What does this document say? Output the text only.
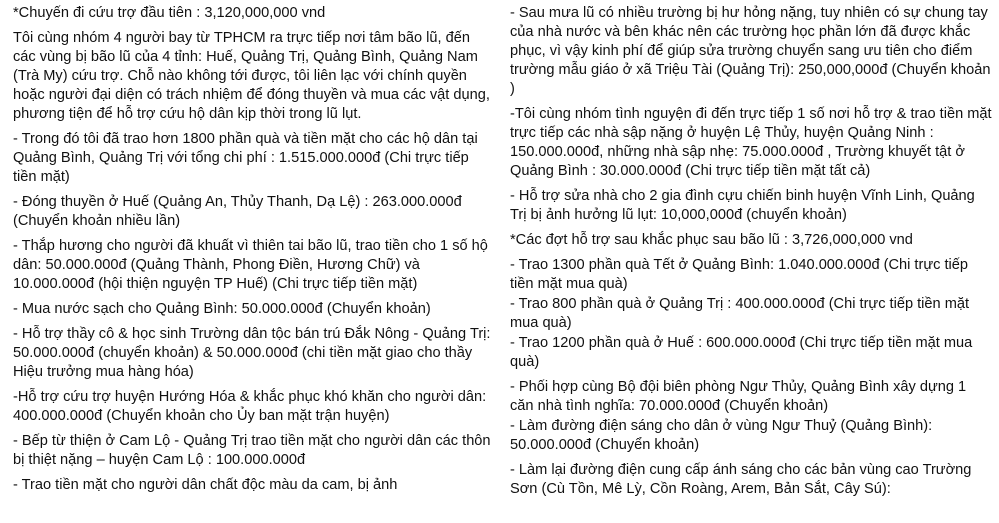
*Chuyến đi cứu trợ đầu tiên : 3,120,000,000 vnd

Tôi cùng nhóm 4 người bay từ TPHCM ra trực tiếp nơi tâm bão lũ, đến các vùng bị bão lũ của 4 tỉnh: Huế, Quảng Trị, Quảng Bình, Quảng Nam (Trà My) cứu trợ. Chỗ nào không tới được, tôi liên lạc với chính quyền hoặc người đại diện có trách nhiệm để đóng thuyền và mua các vật dụng, phương tiện để hỗ trợ cứu hộ dân kịp thời trong lũ lụt.

- Trong đó tôi đã trao hơn 1800 phần quà và tiền mặt cho các hộ dân tại Quảng Bình, Quảng Trị với tổng chi phí : 1.515.000.000đ (Chi trực tiếp tiền mặt)

- Đóng thuyền ở Huế (Quảng An, Thủy Thanh, Dạ Lệ) : 263.000.000đ (Chuyển khoản nhiều lần)

- Thắp hương cho người đã khuất vì thiên tai bão lũ, trao tiền cho 1 số hộ dân: 50.000.000đ (Quảng Thành, Phong Điền, Hương Chữ) và 10.000.000đ (hội thiện nguyện TP Huế) (Chi trực tiếp tiền mặt)

- Mua nước sạch cho Quảng Bình: 50.000.000đ (Chuyển khoản)

- Hỗ trợ thầy cô & học sinh Trường dân tộc bán trú Đắk Nông - Quảng Trị: 50.000.000đ (chuyển khoản) & 50.000.000đ (chi tiền mặt giao cho thầy Hiệu trưởng mua hàng hóa)

-Hỗ trợ cứu trợ huyện Hướng Hóa & khắc phục khó khăn cho người dân: 400.000.000đ (Chuyển khoản cho Ủy ban mặt trận huyện)

- Bếp từ thiện ở Cam Lộ - Quảng Trị trao tiền mặt cho người dân các thôn bị thiệt nặng – huyện Cam Lộ : 100.000.000đ

- Trao tiền mặt cho người dân chất độc màu da cam, bị ảnh

- Sau mưa lũ có nhiều trường bị hư hỏng nặng, tuy nhiên có sự chung tay của nhà nước và bên khác nên các trường học phần lớn đã được khắc phục, vì vậy kinh phí để giúp sửa trường chuyển sang ưu tiên cho điểm trường mẫu giáo ở xã Triệu Tài (Quảng Trị): 250,000,000đ (Chuyển khoản )

-Tôi cùng nhóm tình nguyện đi đến trực tiếp 1 số nơi hỗ trợ & trao tiền mặt trực tiếp các nhà sập nặng ở huyện Lệ Thủy, huyện Quảng Ninh : 150.000.000đ, những nhà sập nhẹ: 75.000.000đ , Trường khuyết tật ở Quảng Bình : 30.000.000đ (Chi trực tiếp tiền mặt tất cả)

- Hỗ trợ sửa nhà cho 2 gia đình cựu chiến binh huyện Vĩnh Linh, Quảng Trị bị ảnh hưởng lũ lụt: 10,000,000đ (chuyển khoản)

*Các đợt hỗ trợ sau khắc phục sau bão lũ : 3,726,000,000 vnd

- Trao 1300 phần quà Tết ở Quảng Bình: 1.040.000.000đ (Chi trực tiếp tiền mặt mua quà)

- Trao 800 phần quà ở Quảng Trị : 400.000.000đ (Chi trực tiếp tiền mặt mua quà)

- Trao 1200 phần quà ở Huế : 600.000.000đ (Chi trực tiếp tiền mặt mua quà)

- Phối hợp cùng Bộ đội biên phòng Ngư Thủy, Quảng Bình xây dựng 1 căn nhà tình nghĩa: 70.000.000đ (Chuyển khoản)

- Làm đường điện sáng cho dân ở vùng Ngư Thuỷ (Quảng Bình): 50.000.000đ (Chuyển khoản)

- Làm lại đường điện cung cấp ánh sáng cho các bản vùng cao Trường Sơn (Cù Tồn, Mê Lỳ, Cồn Roàng, Arem, Bản Sắt, Cây Sú):
